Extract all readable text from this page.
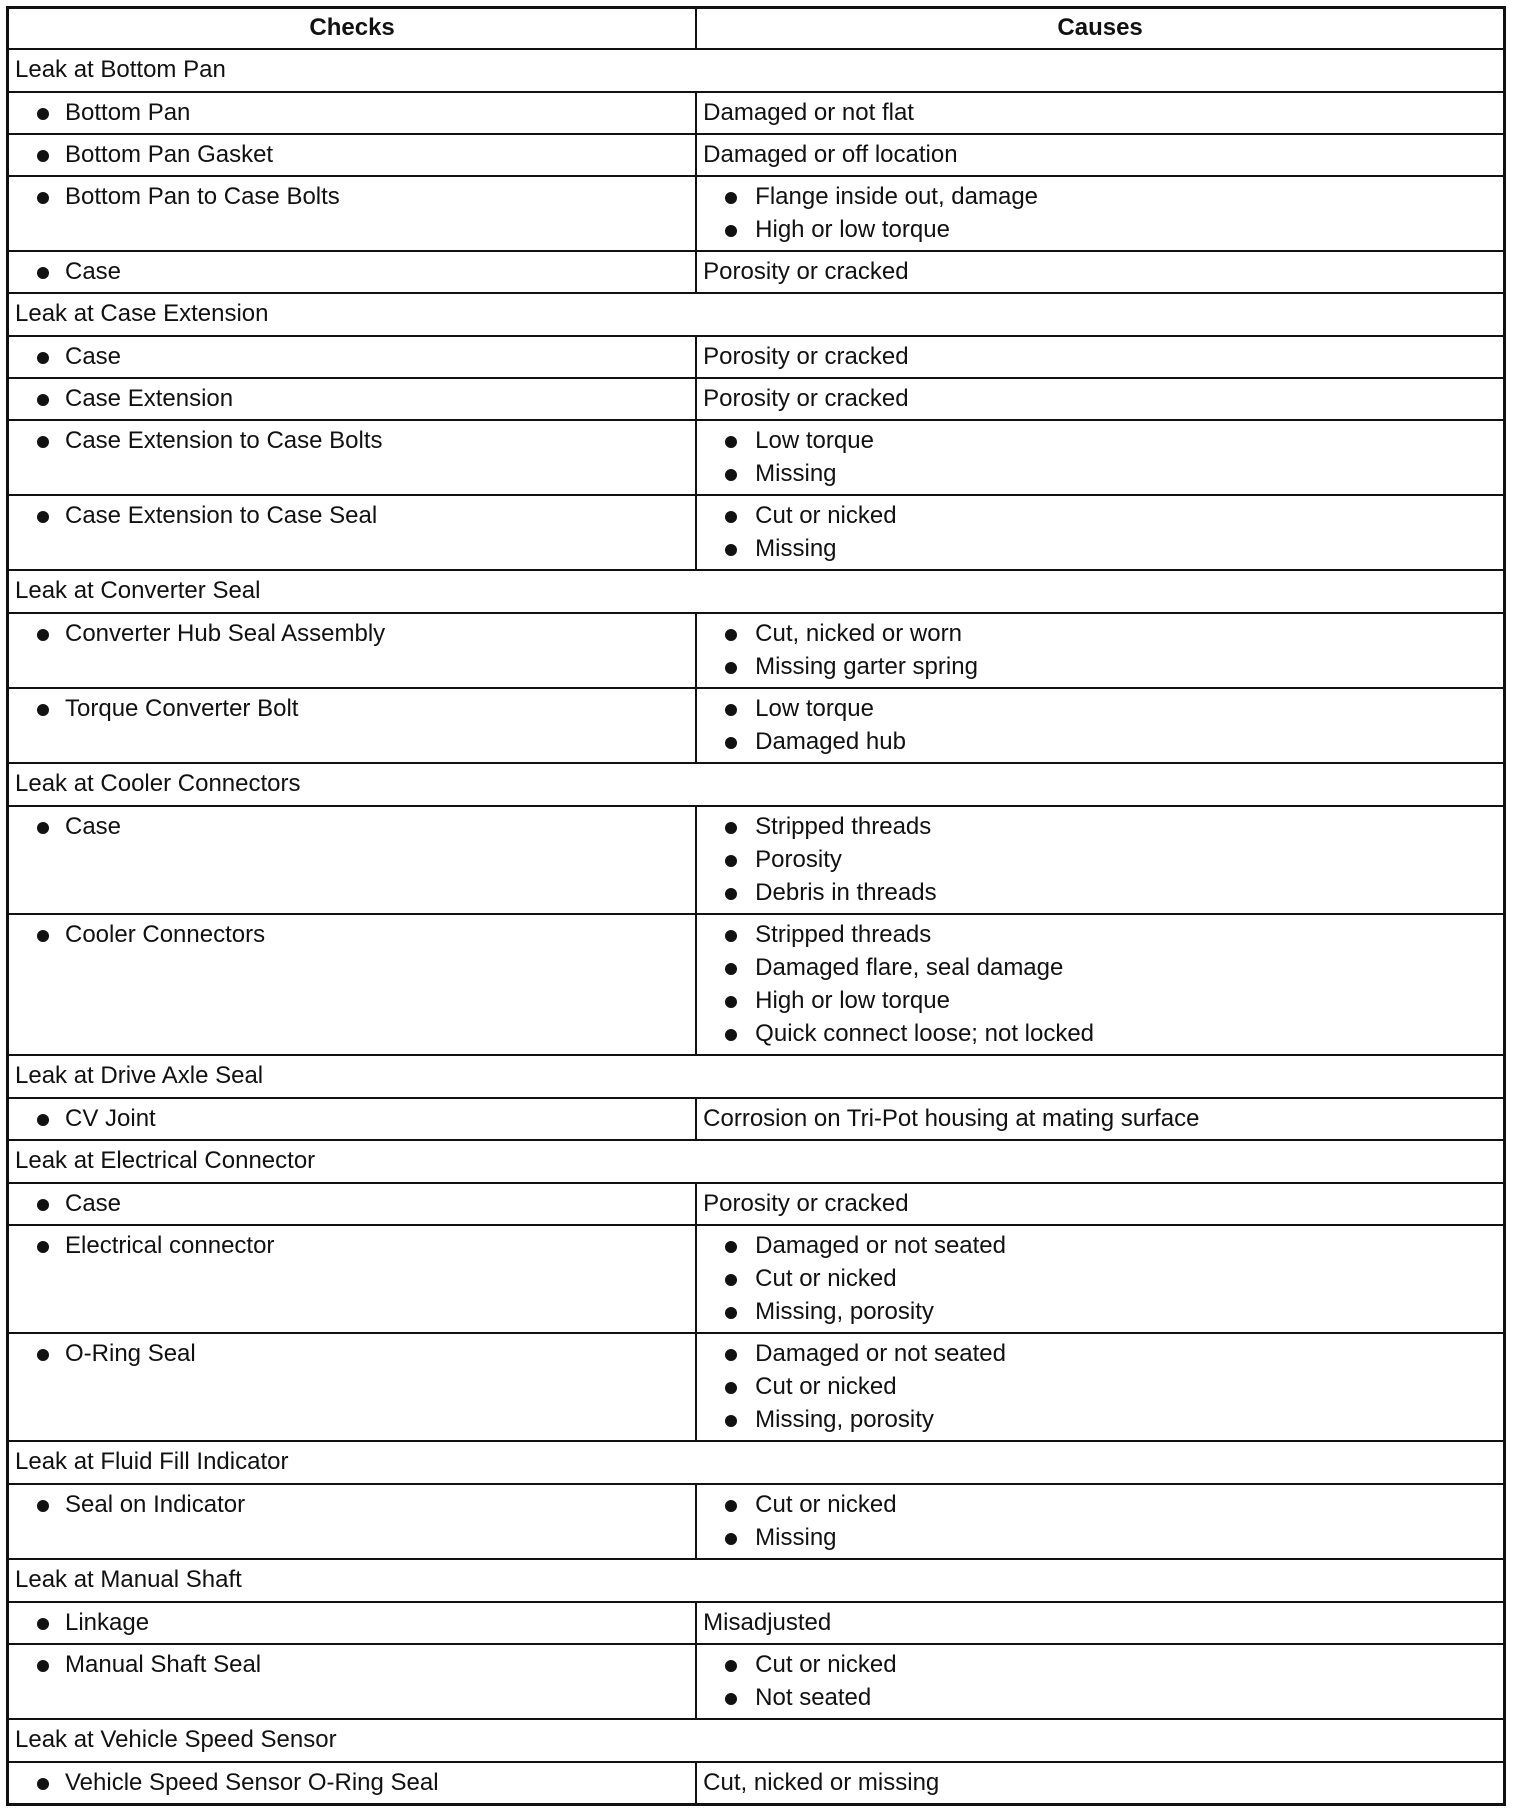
Checks	Causes
Leak at Bottom Pan	

Bottom Pan	Damaged or not flat

Bottom Pan Gasket	Damaged or off location

Bottom Pan to Case Bolts	Flange inside out, damage
High or low torque

Case	Porosity or cracked

Leak at Case Extension	

Case	Porosity or cracked

Case Extension	Porosity or cracked

Case Extension to Case Bolts	Low torque
Missing

Case Extension to Case Seal	Cut or nicked
Missing

Leak at Converter Seal	

Converter Hub Seal Assembly	Cut, nicked or worn
Missing garter spring

Torque Converter Bolt	Low torque
Damaged hub

Leak at Cooler Connectors	

Case	Stripped threads
Porosity
Debris in threads

Cooler Connectors	Stripped threads
Damaged flare, seal damage
High or low torque
Quick connect loose; not locked

Leak at Drive Axle Seal	

CV Joint	Corrosion on Tri-Pot housing at mating surface

Leak at Electrical Connector	

Case	Porosity or cracked

Electrical connector	Damaged or not seated
Cut or nicked
Missing, porosity

O-Ring Seal	Damaged or not seated
Cut or nicked
Missing, porosity

Leak at Fluid Fill Indicator	

Seal on Indicator	Cut or nicked
Missing

Leak at Manual Shaft	

Linkage	Misadjusted

Manual Shaft Seal	Cut or nicked
Not seated

Leak at Vehicle Speed Sensor	

Vehicle Speed Sensor O-Ring Seal	Cut, nicked or missing
